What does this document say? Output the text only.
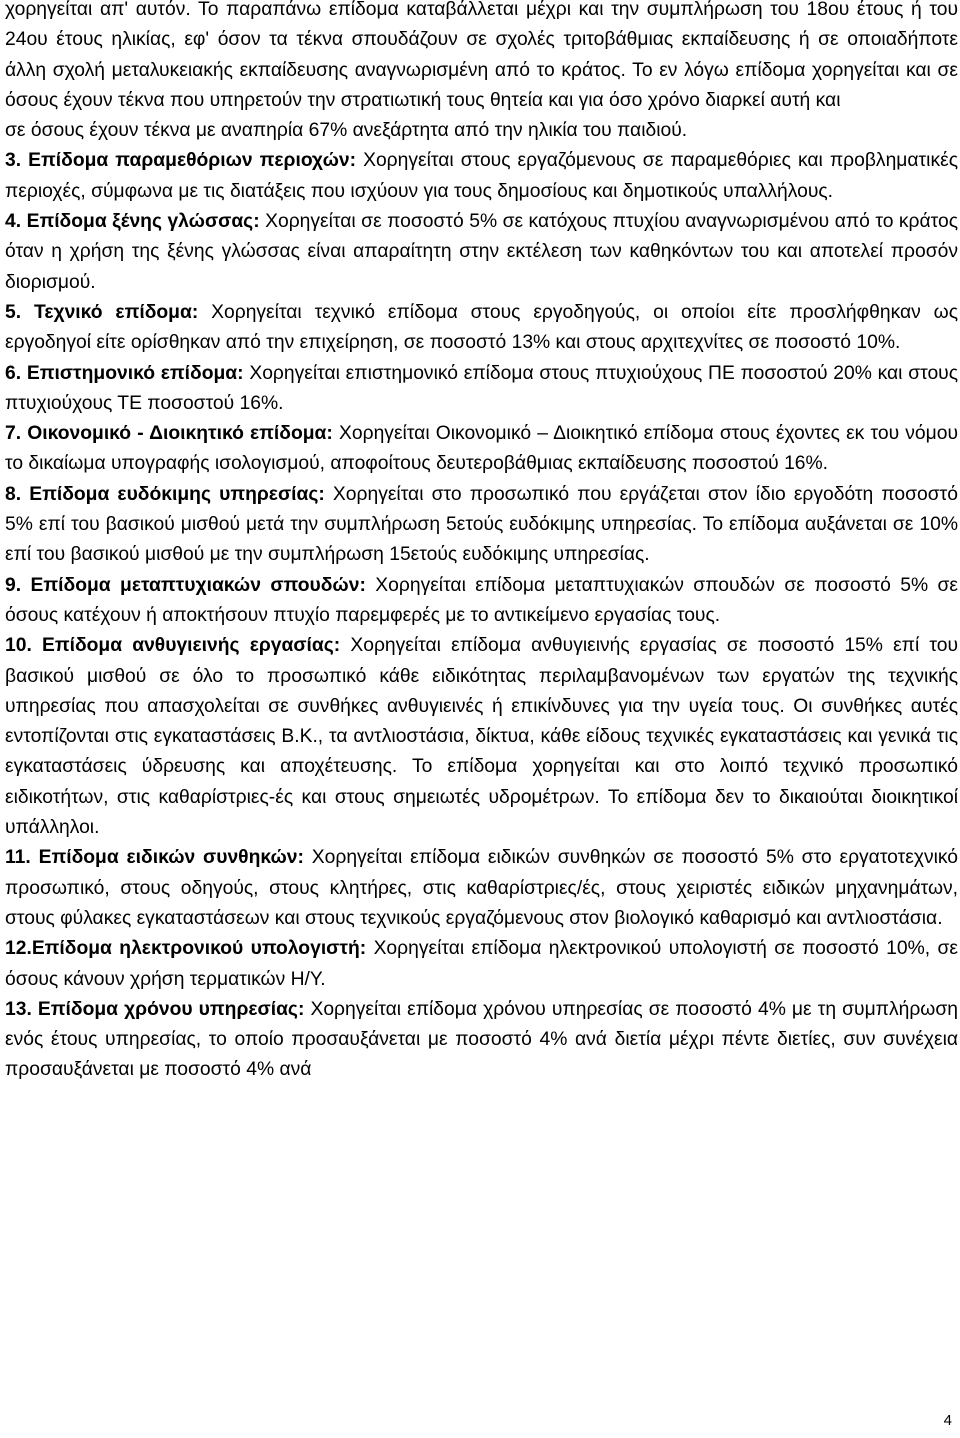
χορηγείται απ' αυτόν. Το παραπάνω επίδομα καταβάλλεται μέχρι και την συμπλήρωση του 18ου έτους ή του 24ου έτους ηλικίας, εφ' όσον τα τέκνα σπουδάζουν σε σχολές τριτοβάθμιας εκπαίδευσης ή σε οποιαδήποτε άλλη σχολή μεταλυκειακής εκπαίδευσης αναγνωρισμένη από το κράτος. Το εν λόγω επίδομα χορηγείται και σε όσους έχουν τέκνα που υπηρετούν την στρατιωτική τους θητεία και για όσο χρόνο διαρκεί αυτή και

σε όσους έχουν τέκνα με αναπηρία 67% ανεξάρτητα από την ηλικία του παιδιού.

3. Επίδομα παραμεθόριων περιοχών: Χορηγείται στους εργαζόμενους σε παραμεθόριες και προβληματικές περιοχές, σύμφωνα με τις διατάξεις που ισχύουν για τους δημοσίους και δημοτικούς υπαλλήλους.

4. Επίδομα ξένης γλώσσας: Χορηγείται σε ποσοστό 5% σε κατόχους πτυχίου αναγνωρισμένου από το κράτος όταν η χρήση της ξένης γλώσσας είναι απαραίτητη στην εκτέλεση των καθηκόντων του και αποτελεί προσόν διορισμού.

5. Τεχνικό επίδομα: Χορηγείται τεχνικό επίδομα στους εργοδηγούς, οι οποίοι είτε προσλήφθηκαν ως εργοδηγοί είτε ορίσθηκαν από την επιχείρηση, σε ποσοστό 13% και στους αρχιτεχνίτες σε ποσοστό 10%.

6. Επιστημονικό επίδομα: Χορηγείται επιστημονικό επίδομα στους πτυχιούχους ΠΕ ποσοστού 20% και στους πτυχιούχους ΤΕ ποσοστού 16%.

7. Οικονομικό - Διοικητικό επίδομα: Χορηγείται Οικονομικό – Διοικητικό επίδομα στους έχοντες εκ του νόμου το δικαίωμα υπογραφής ισολογισμού, αποφοίτους δευτεροβάθμιας εκπαίδευσης ποσοστού 16%.

8. Επίδομα ευδόκιμης υπηρεσίας: Χορηγείται στο προσωπικό που εργάζεται στον ίδιο εργοδότη ποσοστό 5% επί του βασικού μισθού μετά την συμπλήρωση 5ετούς ευδόκιμης υπηρεσίας. Το επίδομα αυξάνεται σε 10% επί του βασικού μισθού με την συμπλήρωση 15ετούς ευδόκιμης υπηρεσίας.

9. Επίδομα μεταπτυχιακών σπουδών: Χορηγείται επίδομα μεταπτυχιακών σπουδών σε ποσοστό 5% σε όσους κατέχουν ή αποκτήσουν πτυχίο παρεμφερές με το αντικείμενο εργασίας τους.

10. Επίδομα ανθυγιεινής εργασίας: Χορηγείται επίδομα ανθυγιεινής εργασίας σε ποσοστό 15% επί του βασικού μισθού σε όλο το προσωπικό κάθε ειδικότητας περιλαμβανομένων των εργατών της τεχνικής υπηρεσίας που απασχολείται σε συνθήκες ανθυγιεινές ή επικίνδυνες για την υγεία τους. Οι συνθήκες αυτές εντοπίζονται στις εγκαταστάσεις Β.Κ., τα αντλιοστάσια, δίκτυα, κάθε είδους τεχνικές εγκαταστάσεις και γενικά τις εγκαταστάσεις ύδρευσης και αποχέτευσης. Το επίδομα χορηγείται και στο λοιπό τεχνικό προσωπικό ειδικοτήτων, στις καθαρίστριες-ές και στους σημειωτές υδρομέτρων. Το επίδομα δεν το δικαιούται διοικητικοί υπάλληλοι.

11. Επίδομα ειδικών συνθηκών: Χορηγείται επίδομα ειδικών συνθηκών σε ποσοστό 5% στο εργατοτεχνικό προσωπικό, στους οδηγούς, στους κλητήρες, στις καθαρίστριες/ές, στους χειριστές ειδικών μηχανημάτων, στους φύλακες εγκαταστάσεων και στους τεχνικούς εργαζόμενους στον βιολογικό καθαρισμό και αντλιοστάσια.

12.Επίδομα ηλεκτρονικού υπολογιστή: Χορηγείται επίδομα ηλεκτρονικού υπολογιστή σε ποσοστό 10%, σε όσους κάνουν χρήση τερματικών Η/Υ.

13. Επίδομα χρόνου υπηρεσίας: Χορηγείται επίδομα χρόνου υπηρεσίας σε ποσοστό 4% με τη συμπλήρωση ενός έτους υπηρεσίας, το οποίο προσαυξάνεται με ποσοστό 4% ανά διετία μέχρι πέντε διετίες, συν συνέχεια προσαυξάνεται με ποσοστό 4% ανά

4
